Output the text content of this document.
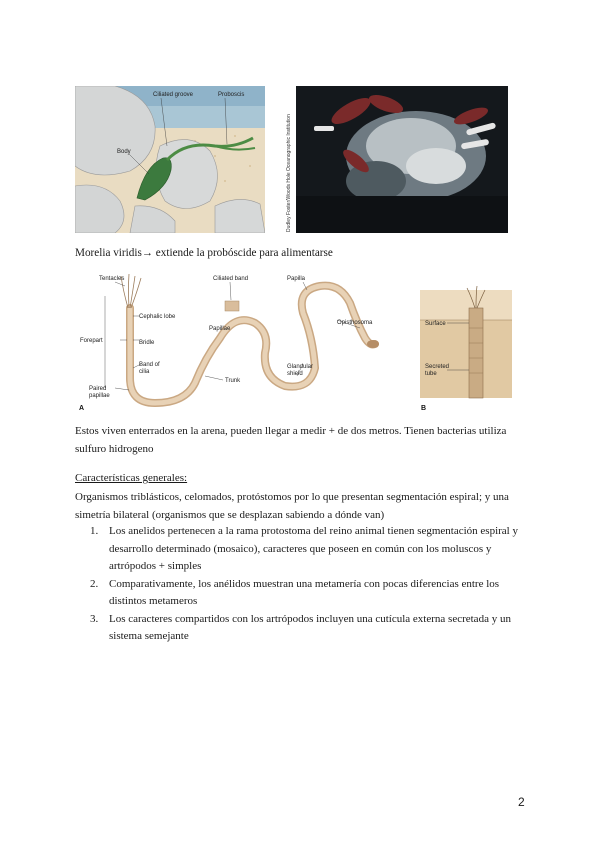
Ciliated groove	Proboscis
Body	Dudley Foster/Woods Hole Oceanographic Institution
Morelia viridis→ extiende la probóscide para alimentarse
Tentacles	Ciliated band	Papilla
Cephalic lobe
Papillae
Opisthosoma
Forepart	Bridle
Band of cilia
Trunk
Glandular shield
Paired papillae
A
Surface
Secreted tube
B
Estos viven enterrados en la arena, pueden llegar a medir + de dos metros. Tienen bacterias utiliza sulfuro hidrogeno
Características generales:
Organismos triblásticos, celomados, protóstomos por lo que presentan segmentación espiral; y una simetría bilateral (organismos que se desplazan sabiendo a dónde van)
1. Los anelidos pertenecen a la rama protostoma del reino animal tienen segmentación espiral y desarrollo determinado (mosaico), caracteres que poseen en común con los moluscos y artrópodos + simples
2. Comparativamente, los anélidos muestran una metamería con pocas diferencias entre los distintos metameros
3. Los caracteres compartidos con los artrópodos incluyen una cutícula externa secretada y un sistema semejante
2
